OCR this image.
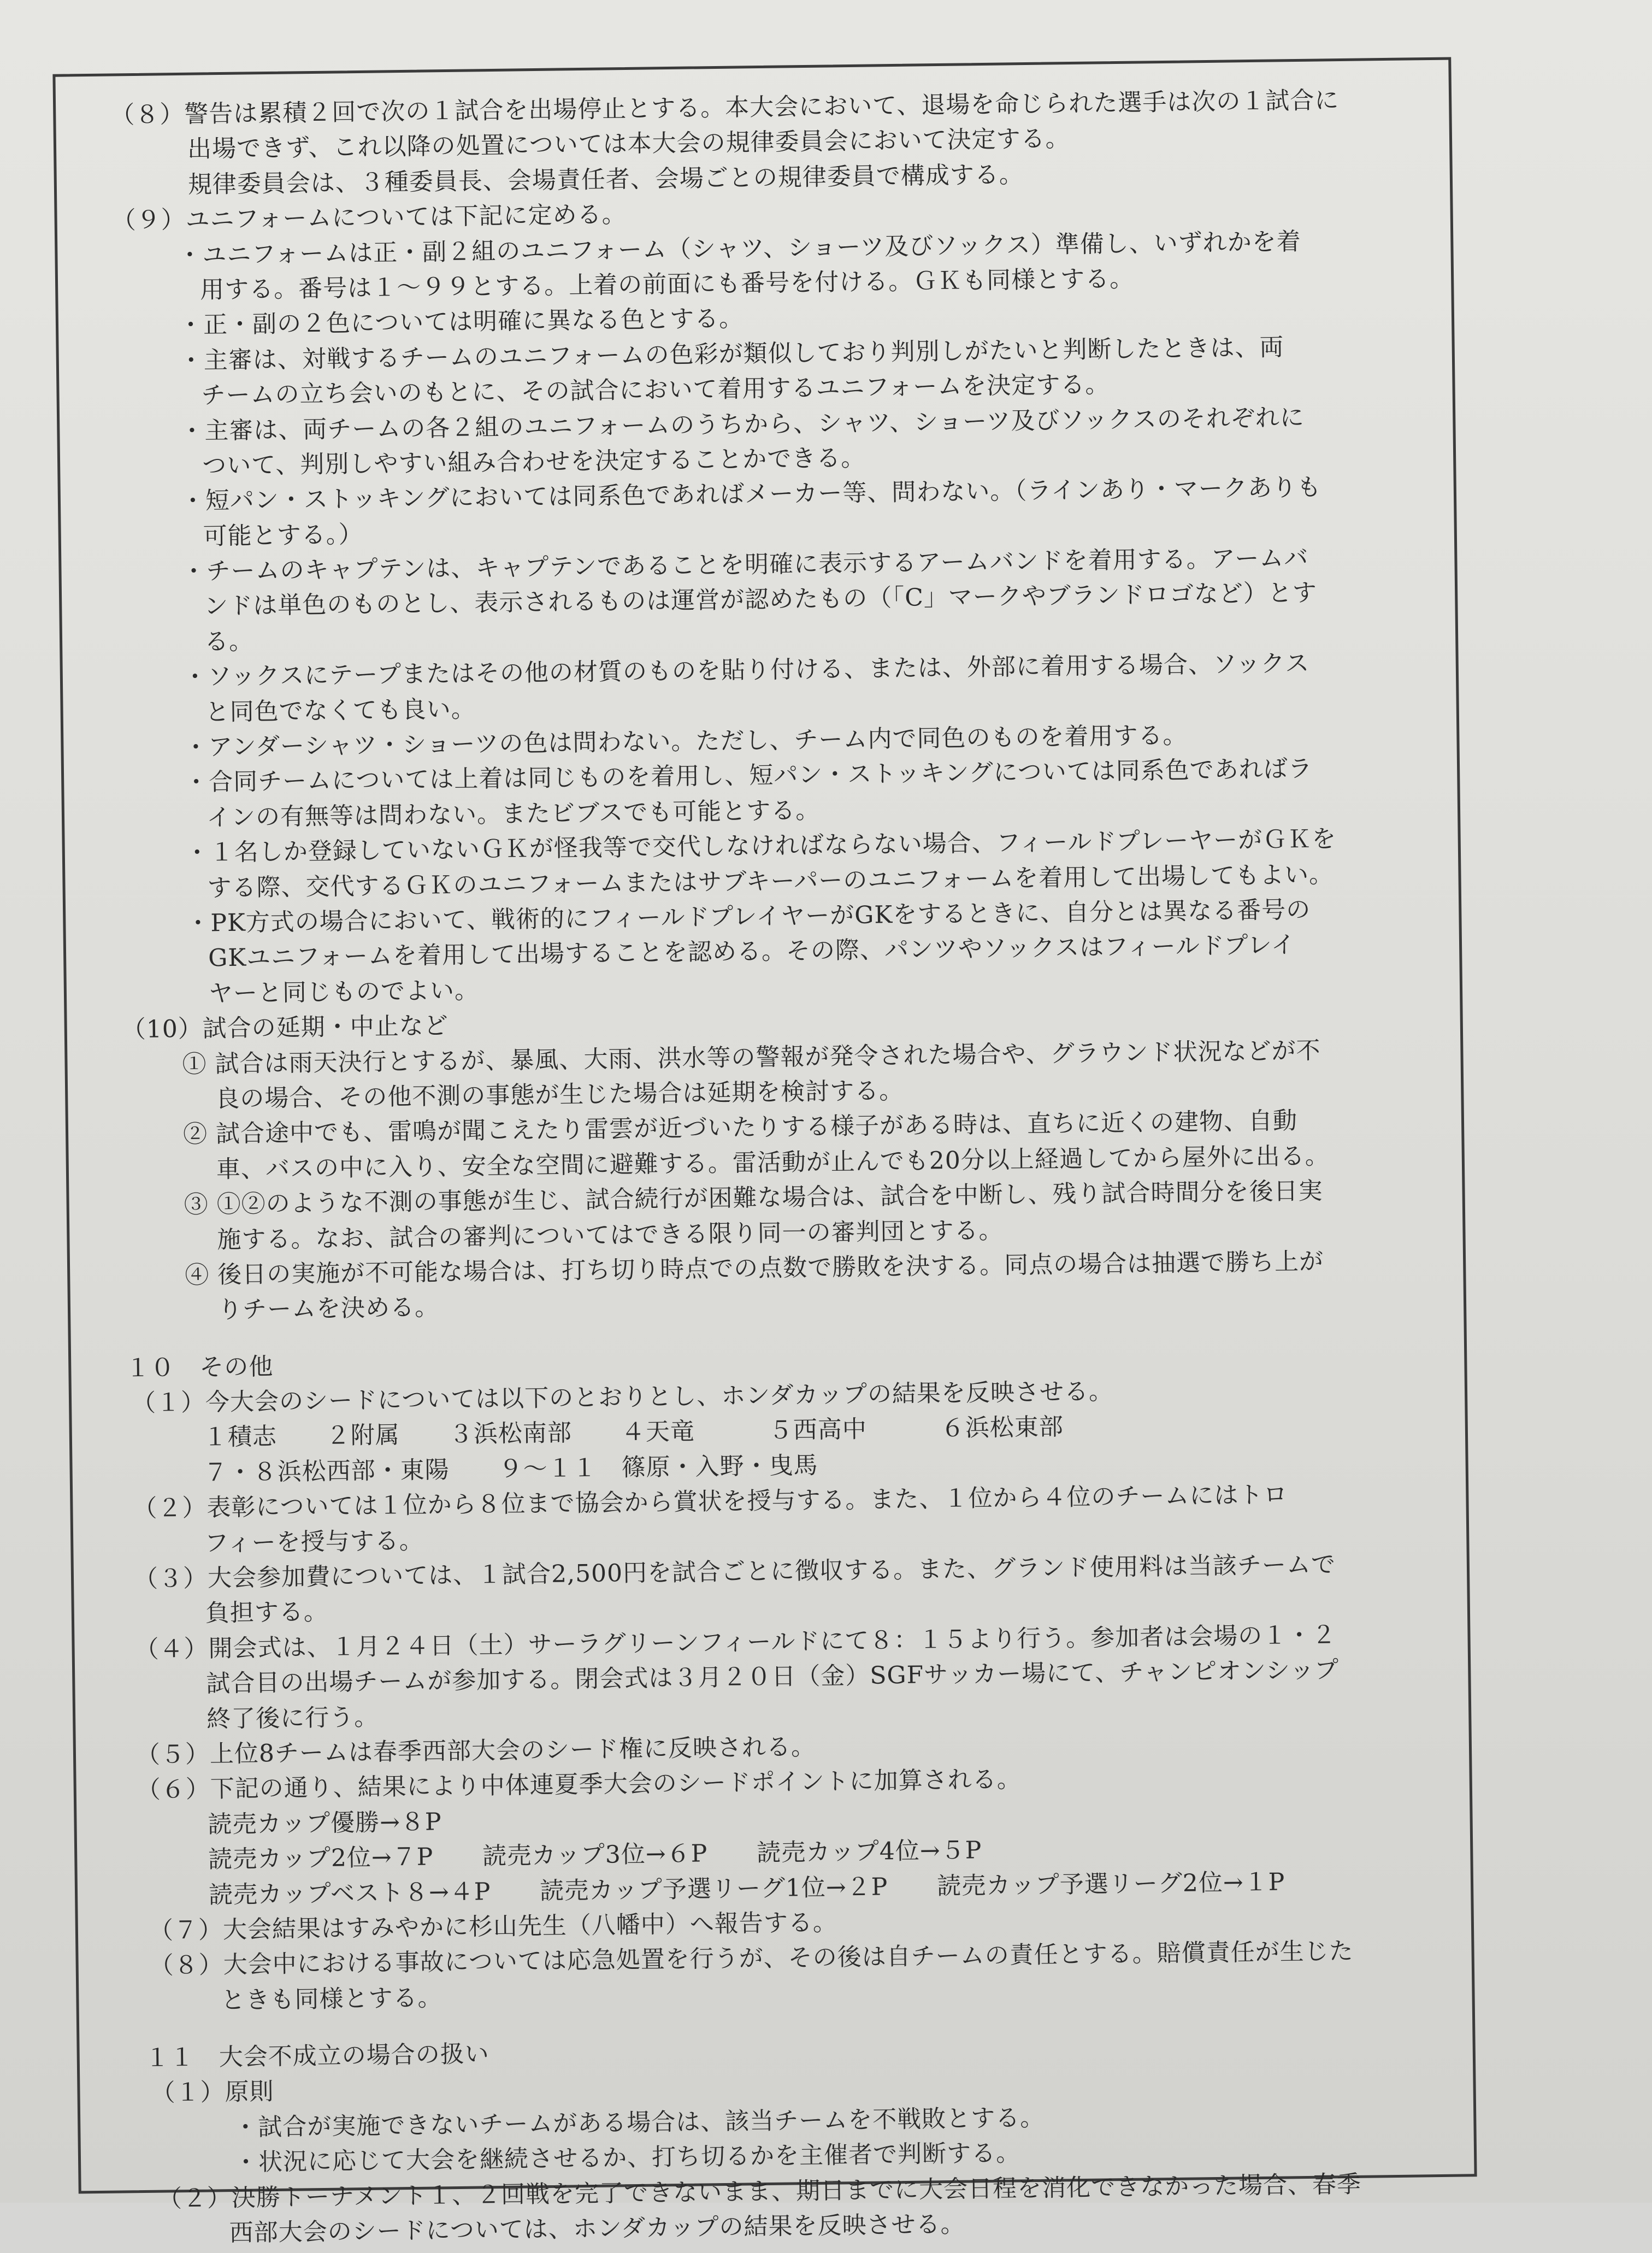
（８）警告は累積２回で次の１試合を出場停止とする。本大会において、退場を命じられた選手は次の１試合に
出場できず、これ以降の処置については本大会の規律委員会において決定する。
規律委員会は、３種委員長、会場責任者、会場ごとの規律委員で構成する。
（９）ユニフォームについては下記に定める。
・ユニフォームは正・副２組のユニフォーム（シャツ、ショーツ及びソックス）準備し、いずれかを着
用する。番号は１～９９とする。上着の前面にも番号を付ける。ＧＫも同様とする。
・正・副の２色については明確に異なる色とする。
・主審は、対戦するチームのユニフォームの色彩が類似しており判別しがたいと判断したときは、両
チームの立ち会いのもとに、その試合において着用するユニフォームを決定する。
・主審は、両チームの各２組のユニフォームのうちから、シャツ、ショーツ及びソックスのそれぞれに
ついて、判別しやすい組み合わせを決定することかできる。
・短パン・ストッキングにおいては同系色であればメーカー等、問わない。（ラインあり・マークありも
可能とする。）
・チームのキャプテンは、キャプテンであることを明確に表示するアームバンドを着用する。アームバ
ンドは単色のものとし、表示されるものは運営が認めたもの（「C」マークやブランドロゴなど）とす
る。
・ソックスにテープまたはその他の材質のものを貼り付ける、または、外部に着用する場合、ソックス
と同色でなくても良い。
・アンダーシャツ・ショーツの色は問わない。ただし、チーム内で同色のものを着用する。
・合同チームについては上着は同じものを着用し、短パン・ストッキングについては同系色であればラ
インの有無等は問わない。またビブスでも可能とする。
・１名しか登録していないＧＫが怪我等で交代しなければならない場合、フィールドプレーヤーがＧＫを
する際、交代するＧＫのユニフォームまたはサブキーパーのユニフォームを着用して出場してもよい。
・PK方式の場合において、戦術的にフィールドプレイヤーがGKをするときに、自分とは異なる番号の
GKユニフォームを着用して出場することを認める。その際、パンツやソックスはフィールドプレイ
ヤーと同じものでよい。
（10）試合の延期・中止など
① 試合は雨天決行とするが、暴風、大雨、洪水等の警報が発令された場合や、グラウンド状況などが不
良の場合、その他不測の事態が生じた場合は延期を検討する。
② 試合途中でも、雷鳴が聞こえたり雷雲が近づいたりする様子がある時は、直ちに近くの建物、自動
車、バスの中に入り、安全な空間に避難する。雷活動が止んでも20分以上経過してから屋外に出る。
③ ①②のような不測の事態が生じ、試合続行が困難な場合は、試合を中断し、残り試合時間分を後日実
施する。なお、試合の審判についてはできる限り同一の審判団とする。
④ 後日の実施が不可能な場合は、打ち切り時点での点数で勝敗を決する。同点の場合は抽選で勝ち上が
りチームを決める。
１０　その他
（１）今大会のシードについては以下のとおりとし、ホンダカップの結果を反映させる。
１積志　　２附属　　３浜松南部　　４天竜　　　５西高中　　　６浜松東部
７・８浜松西部・東陽　　９～１１　篠原・入野・曳馬
（２）表彰については１位から８位まで協会から賞状を授与する。また、１位から４位のチームにはトロ
フィーを授与する。
（３）大会参加費については、１試合2,500円を試合ごとに徴収する。また、グランド使用料は当該チームで
負担する。
（４）開会式は、１月２４日（土）サーラグリーンフィールドにて８：１５より行う。参加者は会場の１・２
試合目の出場チームが参加する。閉会式は３月２０日（金）SGFサッカー場にて、チャンピオンシップ
終了後に行う。
（５）上位8チームは春季西部大会のシード権に反映される。
（６）下記の通り、結果により中体連夏季大会のシードポイントに加算される。
読売カップ優勝→８P
読売カップ2位→７P　　読売カップ3位→６P　　読売カップ4位→５P
読売カップベスト８→４P　　読売カップ予選リーグ1位→２P　　読売カップ予選リーグ2位→１P
（７）大会結果はすみやかに杉山先生（八幡中）へ報告する。
（８）大会中における事故については応急処置を行うが、その後は自チームの責任とする。賠償責任が生じた
ときも同様とする。
１１　大会不成立の場合の扱い
（１）原則
・試合が実施できないチームがある場合は、該当チームを不戦敗とする。
・状況に応じて大会を継続させるか、打ち切るかを主催者で判断する。
（２）決勝トーナメント１、２回戦を完了できないまま、期日までに大会日程を消化できなかった場合、春季
西部大会のシードについては、ホンダカップの結果を反映させる。
